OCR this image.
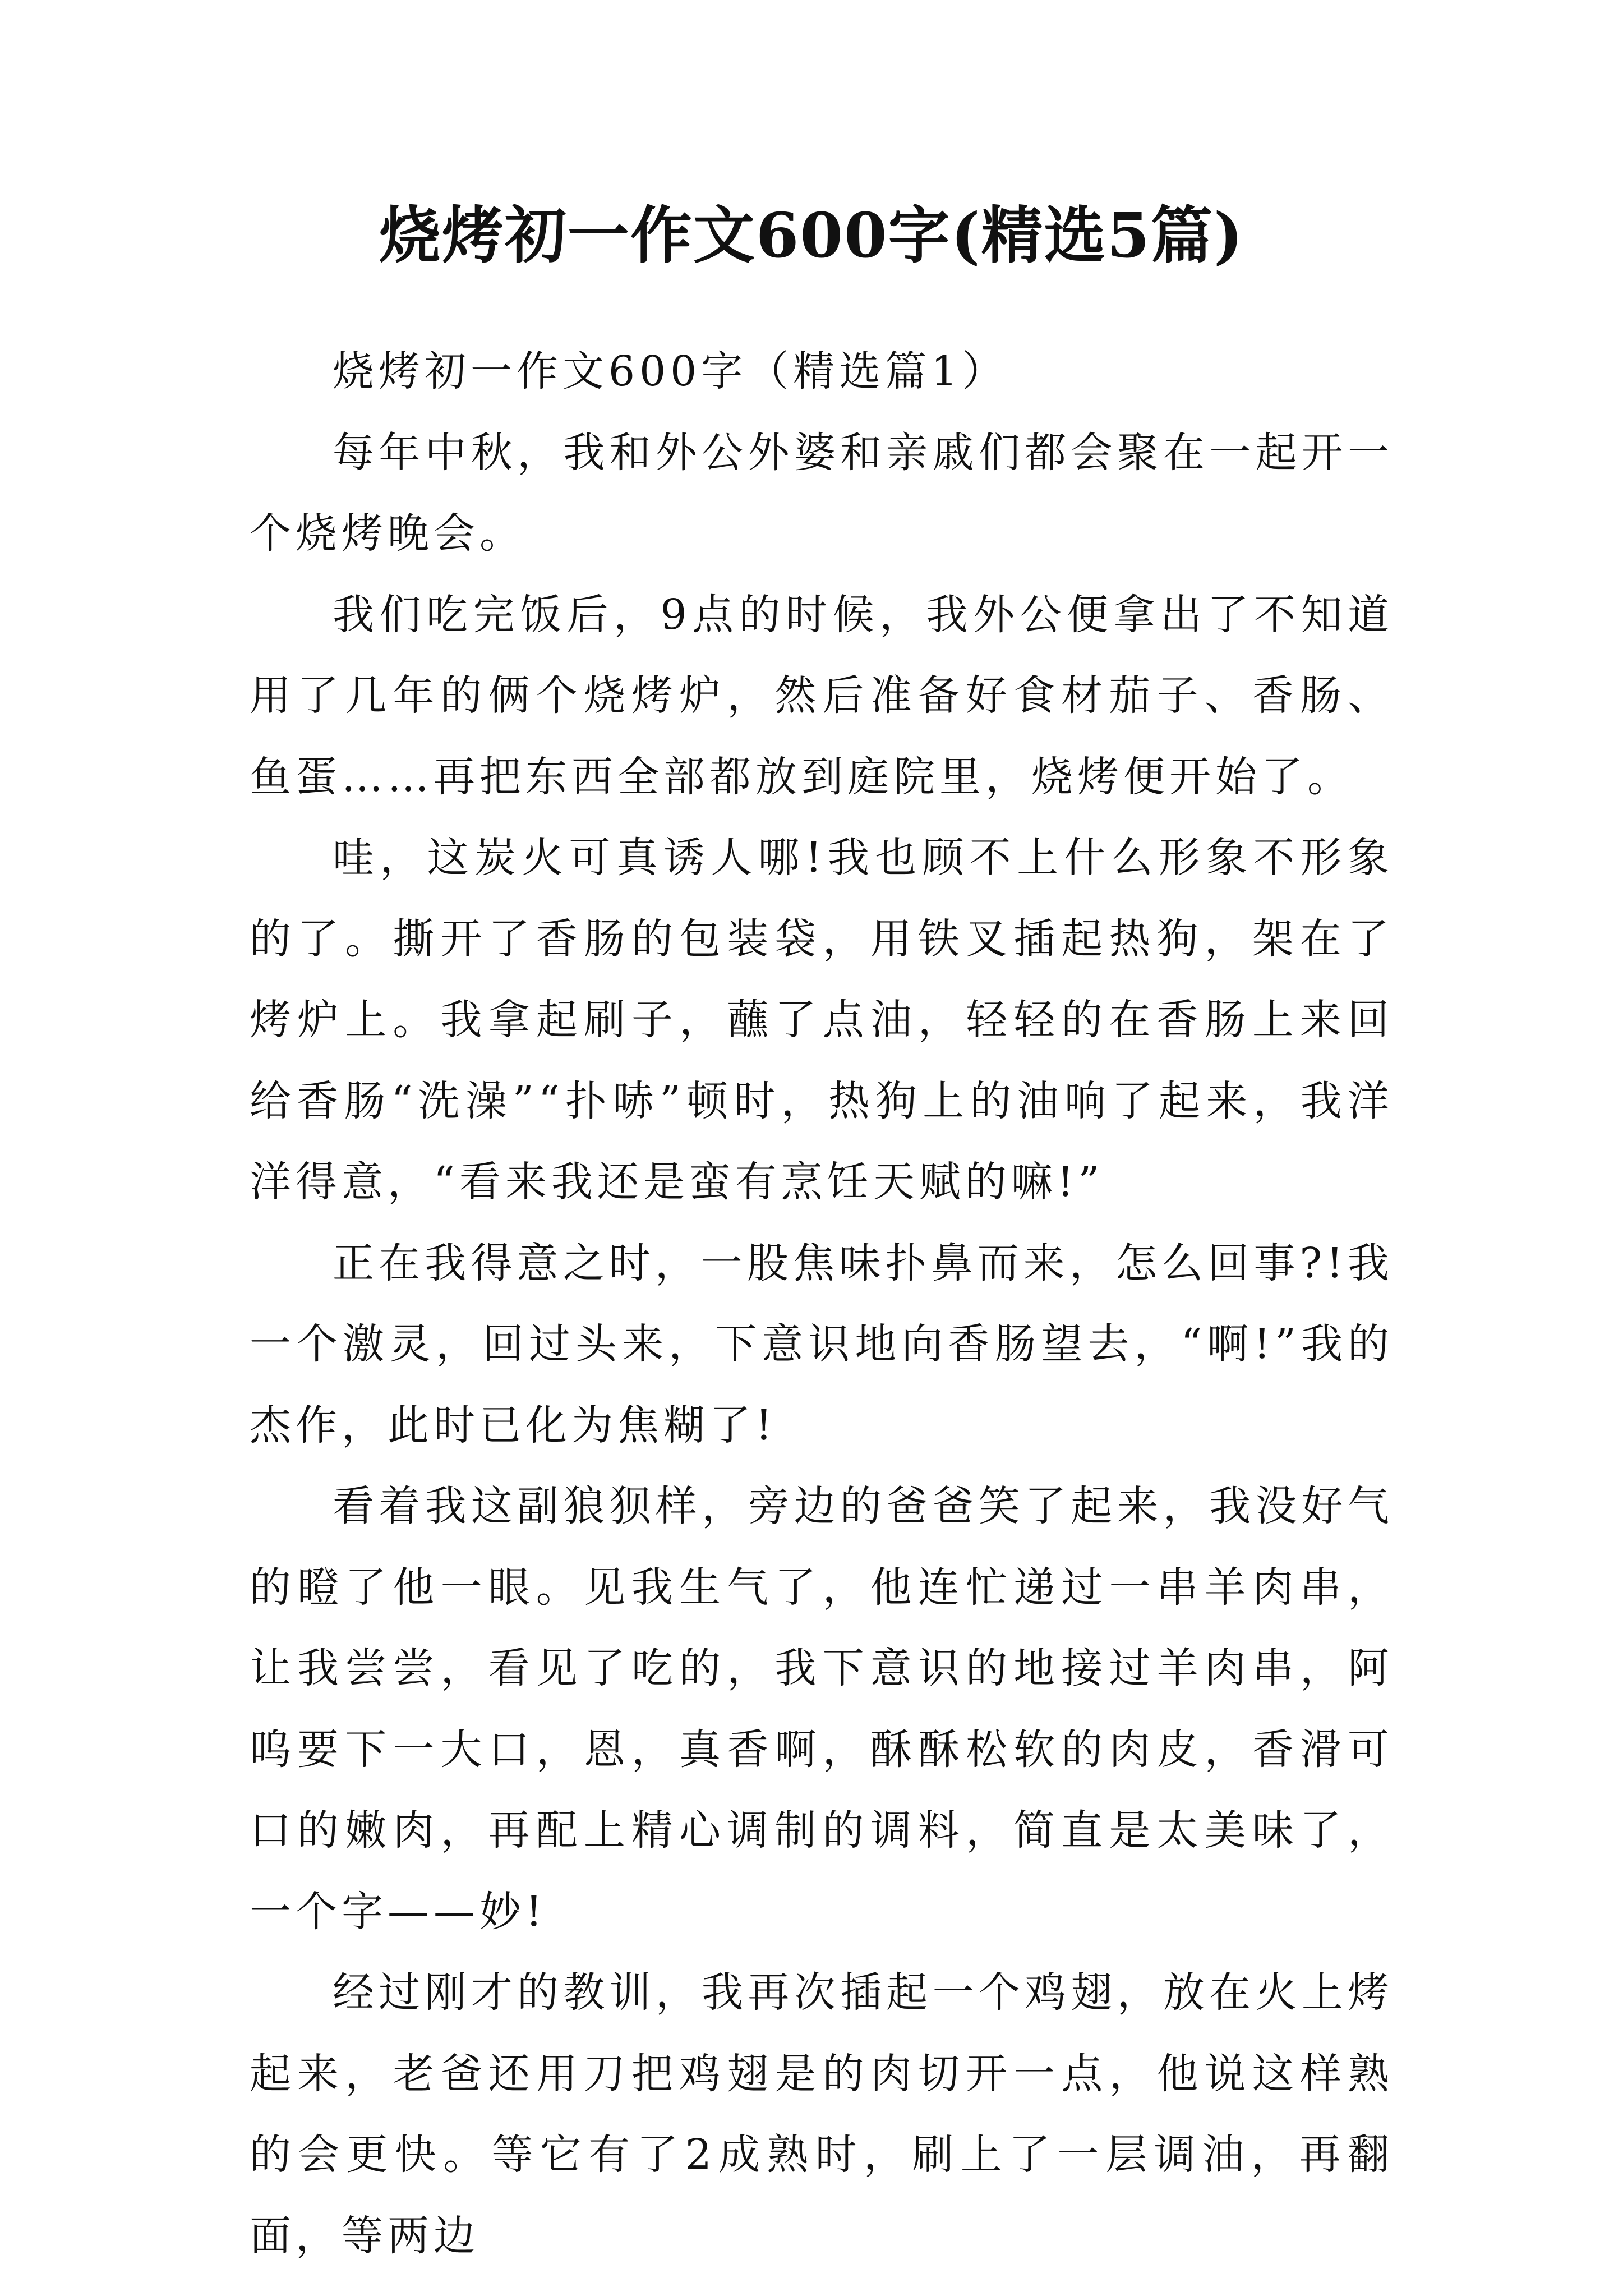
烧烤初一作文600字(精选5篇)

烧烤初一作文600字（精选篇1）

每年中秋，我和外公外婆和亲戚们都会聚在一起开一个烧烤晚会。

我们吃完饭后，9点的时候，我外公便拿出了不知道用了几年的俩个烧烤炉，然后准备好食材茄子、香肠、鱼蛋……再把东西全部都放到庭院里，烧烤便开始了。

哇，这炭火可真诱人哪!我也顾不上什么形象不形象的了。撕开了香肠的包装袋，用铁叉插起热狗，架在了烤炉上。我拿起刷子，蘸了点油，轻轻的在香肠上来回给香肠“洗澡”“扑哧”顿时，热狗上的油响了起来，我洋洋得意，“看来我还是蛮有烹饪天赋的嘛!”

正在我得意之时，一股焦味扑鼻而来，怎么回事?!我一个激灵，回过头来，下意识地向香肠望去，“啊!”我的杰作，此时已化为焦糊了!

看着我这副狼狈样，旁边的爸爸笑了起来，我没好气的瞪了他一眼。见我生气了，他连忙递过一串羊肉串，让我尝尝，看见了吃的，我下意识的地接过羊肉串，阿呜要下一大口，恩，真香啊，酥酥松软的肉皮，香滑可口的嫩肉，再配上精心调制的调料，简直是太美味了，一个字——妙!

经过刚才的教训，我再次插起一个鸡翅，放在火上烤起来，老爸还用刀把鸡翅是的肉切开一点，他说这样熟的会更快。等它有了2成熟时，刷上了一层调油，再翻面，等两边
